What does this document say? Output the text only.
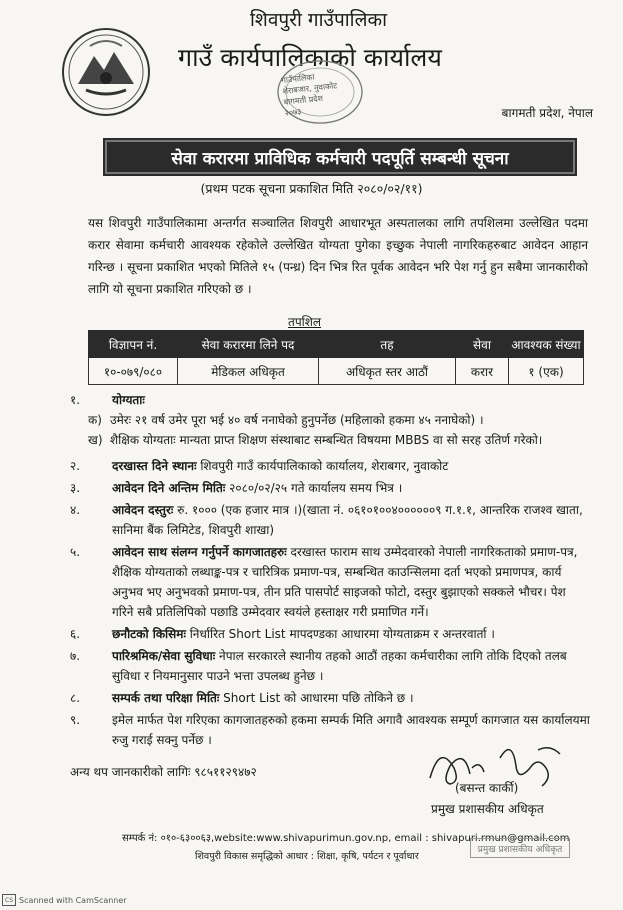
शिवपुरी गाउँपालिका
गाउँ कार्यपालिकाको कार्यालय
गाउँपालिका
शेराबजार, नुवाकोट
बागमती प्रदेश
२०७३	बागमती प्रदेश, नेपाल
सेवा करारमा प्राविधिक कर्मचारी पदपूर्ति सम्बन्धी सूचना
(प्रथम पटक सूचना प्रकाशित मिति २०८०/०२/११)
यस शिवपुरी गाउँपालिकामा अन्तर्गत सञ्चालित शिवपुरी आधारभूत अस्पतालका लागि तपशिलमा उल्लेखित पदमा करार सेवामा कर्मचारी आवश्यक रहेकोले उल्लेखित योग्यता पुगेका इच्छुक नेपाली नागरिकहरुबाट आवेदन आहान गरिन्छ । सूचना प्रकाशित भएको मितिले १५ (पन्ध्र) दिन भित्र रित पूर्वक आवेदन भरि पेश गर्नु हुन सबैमा जानकारीको लागि यो सूचना प्रकाशित गरिएको छ ।
तपशिल
विज्ञापन नं.	सेवा करारमा लिने पद	तह	सेवा	आवश्यक संख्या
१०-०७९/०८०	मेडिकल अधिकृत	अधिकृत स्तर आठौं	करार	१ (एक)
१.	योग्यताः
क) उमेरः २१ वर्ष उमेर पूरा भई ४० वर्ष ननाघेको हुनुपर्नेछ (महिलाको हकमा ४५ ननाघेको) ।
ख) शैक्षिक योग्यताः मान्यता प्राप्त शिक्षण संस्थाबाट सम्बन्धित विषयमा MBBS वा सो सरह उतिर्ण गरेको।
२.	दरखास्त दिने स्थानः शिवपुरी गाउँ कार्यपालिकाको कार्यालय, शेराबगर, नुवाकोट
३.	आवेदन दिने अन्तिम मितिः २०८०/०२/२५ गते कार्यालय समय भित्र ।
४.	आवेदन दस्तुरः रु. १००० (एक हजार मात्र ।)(खाता नं. ०६१०१००४००००००९ ग.१.१, आन्तरिक राजश्व खाता, सानिमा बैंक लिमिटेड, शिवपुरी शाखा)
५.	आवेदन साथ संलग्न गर्नुपर्ने कागजातहरुः दरखास्त फाराम साथ उम्मेदवारको नेपाली नागरिकताको प्रमाण-पत्र, शैक्षिक योग्यताको लब्धाङ्क-पत्र र चारित्रिक प्रमाण-पत्र, सम्बन्धित काउन्सिलमा दर्ता भएको प्रमाणपत्र, कार्य अनुभव भए अनुभवको प्रमाण-पत्र, तीन प्रति पासपोर्ट साइजको फोटो, दस्तुर बुझाएको सक्कले भौचर। पेश गरिने सबै प्रतिलिपिको पछाडि उम्मेदवार स्वयंले हस्ताक्षर गरी प्रमाणित गर्ने।
६.	छनौटको किसिमः निर्धारित Short List मापदण्डका आधारमा योग्यताक्रम र अन्तरवार्ता ।
७.	पारिश्रमिक/सेवा सुविधाः नेपाल सरकारले स्थानीय तहको आठौं तहका कर्मचारीका लागि तोकि दिएको तलब सुविधा र नियमानुसार पाउने भत्ता उपलब्ध हुनेछ ।
८.	सम्पर्क तथा परिक्षा मितिः Short List को आधारमा पछि तोकिने छ ।
९.	इमेल मार्फत पेश गरिएका कागजातहरुको हकमा सम्पर्क मिति अगावै आवश्यक सम्पूर्ण कागजात यस कार्यालयमा रुजु गराई सक्नु पर्नेछ ।
अन्य थप जानकारीको लागिः ९८५११२९४७२
(बसन्त कार्की)
प्रमुख प्रशासकीय अधिकृत
सम्पर्क नं: ०१०-६३००६३,website:www.shivapurimun.gov.np, email : shivapuri.rmun@gmail.com
शिवपुरी विकास समृद्धिको आधार : शिक्षा, कृषि, पर्यटन र पूर्वाधार
प्रमुख प्रशासकीय अधिकृत
CS Scanned with CamScanner
